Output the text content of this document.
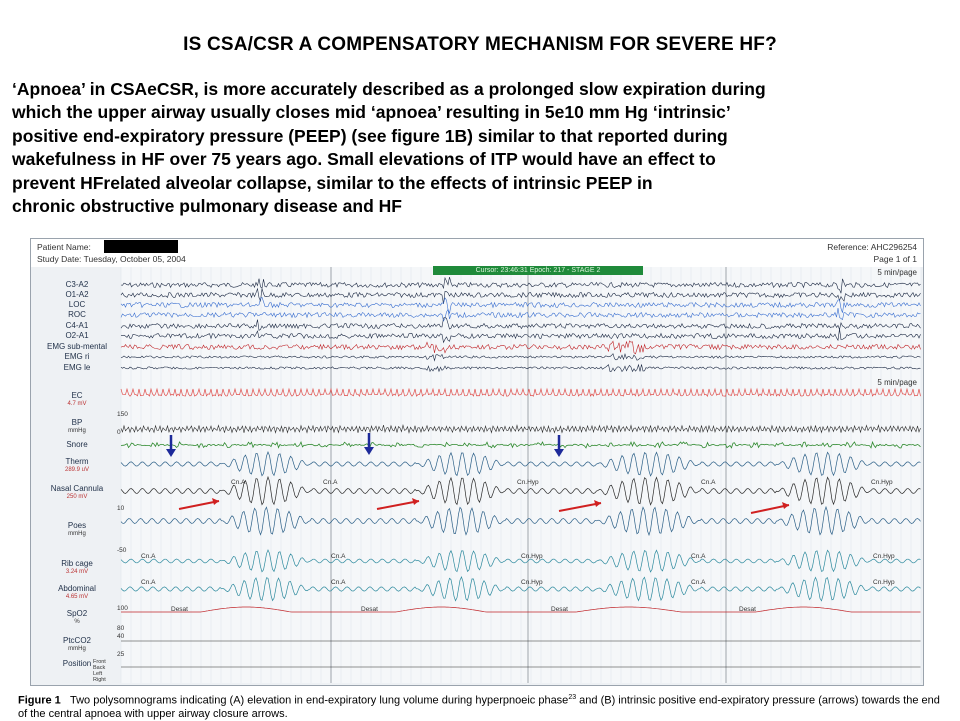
IS CSA/CSR A COMPENSATORY MECHANISM FOR SEVERE HF?
‘Apnoea’ in CSAeCSR, is more accurately described as a prolonged slow expiration during
which the upper airway usually closes mid ‘apnoea’ resulting in 5e10 mm Hg ‘intrinsic’
positive end-expiratory pressure (PEEP) (see figure 1B) similar to that reported during
wakefulness in HF over 75 years ago. Small elevations of ITP would have an effect to
prevent HFrelated alveolar collapse, similar to the effects of intrinsic PEEP in
chronic obstructive pulmonary disease and HF
Patient Name:
Study Date: Tuesday, October 05, 2004
Reference: AHC296254
Page 1 of 1
Cursor: 23:46:31 Epoch: 217 - STAGE 2	5 min/page
5 min/page
C3-A2
O1-A2
LOC
ROC
C4-A1
O2-A1
EMG sub-mental
EMG ri
EMG le
EC
4.7 mV
BP
mmHg
Snore
Therm
289.9 uV
Nasal Cannula
250 mV
Poes
mmHg
Rib cage
3.24 mV
Abdominal
4.65 mV
SpO2
%
PtcCO2
mmHg
Position
150
0
10
-50
100
80
40
25
Cn.A	Cn.A	Cn.Hyp	Cn.A	Cn.Hyp
Cn.A	Cn.A	Cn.Hyp	Cn.A	Cn.Hyp
Cn.A	Cn.A	Cn.Hyp	Cn.A	Cn.Hyp
Desat	Desat	Desat	Desat
Front
Back
Left
Right
Figure 1 Two polysomnograms indicating (A) elevation in end-expiratory lung volume during hyperpnoeic phase$^{23}$ and (B) intrinsic positive end-expiratory pressure (arrows) towards the end of the central apnoea with upper airway closure arrows.
